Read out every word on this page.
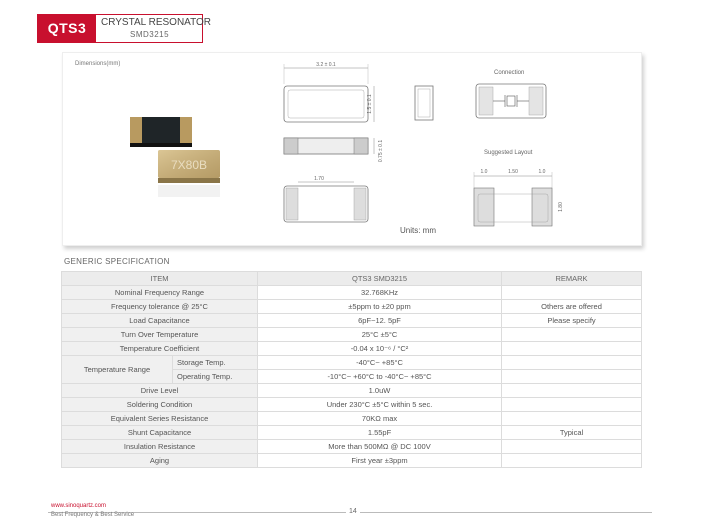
QTS3	CRYSTAL RESONATOR
SMD3215
Dimensions(mm)
Units: mm
Connection
Suggested Layout
7X80B
3.2 ± 0.1
1.5 ± 0.1
0.75 ± 0.1
1.70
1.0	1.50	1.0
1.80
GENERIC SPECIFICATION
ITEM		QTS3 SMD3215	REMARK
Nominal Frequency Range		32.768KHz	
Frequency tolerance @ 25°C		±5ppm to ±20 ppm	Others are offered
Load Capacitance		6pF~12. 5pF	Please specify
Turn Over Temperature		25°C ±5°C	
Temperature Coefficient		-0.04 x 10⁻⁶ / °C²	
Temperature Range	Storage Temp.	-40°C~ +85°C	
	Operating Temp.	-10°C~ +60°C to -40°C~ +85°C	
Drive Level		1.0uW	
Soldering Condition		Under 230°C ±5°C within 5 sec.	
Equivalent Series Resistance		70KΩ max	
Shunt Capacitance		1.55pF	Typical
Insulation Resistance		More than 500MΩ @ DC 100V	
Aging		First year ±3ppm	
www.sinoquartz.com
Best Frequency & Best Service	14
